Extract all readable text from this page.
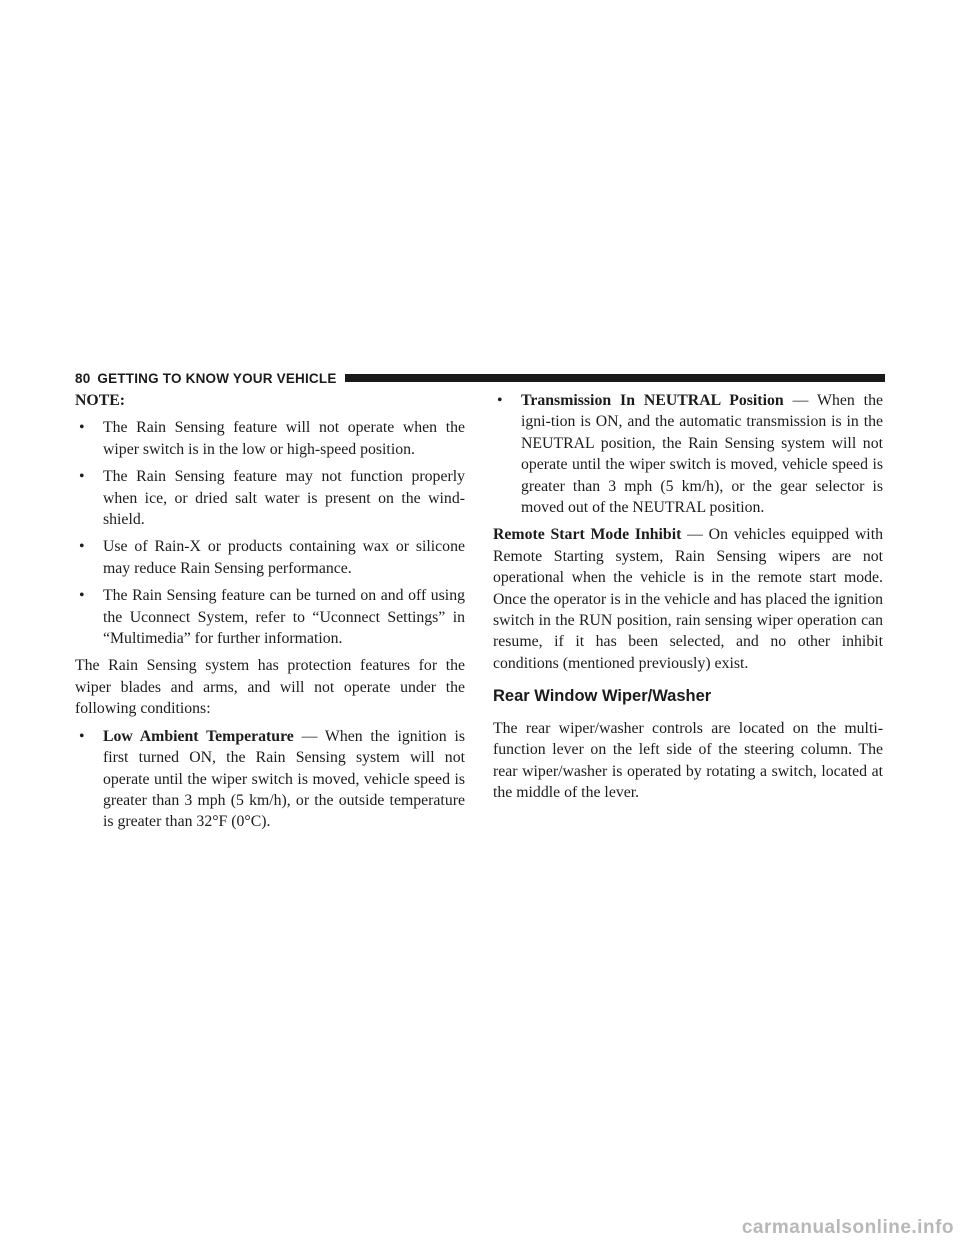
80 GETTING TO KNOW YOUR VEHICLE

NOTE:

• The Rain Sensing feature will not operate when the wiper switch is in the low or high-speed position.

• The Rain Sensing feature may not function properly when ice, or dried salt water is present on the wind-shield.

• Use of Rain-X or products containing wax or silicone may reduce Rain Sensing performance.

• The Rain Sensing feature can be turned on and off using the Uconnect System, refer to “Uconnect Settings” in “Multimedia” for further information.

The Rain Sensing system has protection features for the wiper blades and arms, and will not operate under the following conditions:

• Low Ambient Temperature — When the ignition is first turned ON, the Rain Sensing system will not operate until the wiper switch is moved, vehicle speed is greater than 3 mph (5 km/h), or the outside temperature is greater than 32°F (0°C).

• Transmission In NEUTRAL Position — When the igni-tion is ON, and the automatic transmission is in the NEUTRAL position, the Rain Sensing system will not operate until the wiper switch is moved, vehicle speed is greater than 3 mph (5 km/h), or the gear selector is moved out of the NEUTRAL position.

Remote Start Mode Inhibit — On vehicles equipped with Remote Starting system, Rain Sensing wipers are not operational when the vehicle is in the remote start mode. Once the operator is in the vehicle and has placed the ignition switch in the RUN position, rain sensing wiper operation can resume, if it has been selected, and no other inhibit conditions (mentioned previously) exist.

Rear Window Wiper/Washer

The rear wiper/washer controls are located on the multi-function lever on the left side of the steering column. The rear wiper/washer is operated by rotating a switch, located at the middle of the lever.

carmanualsonline.info
